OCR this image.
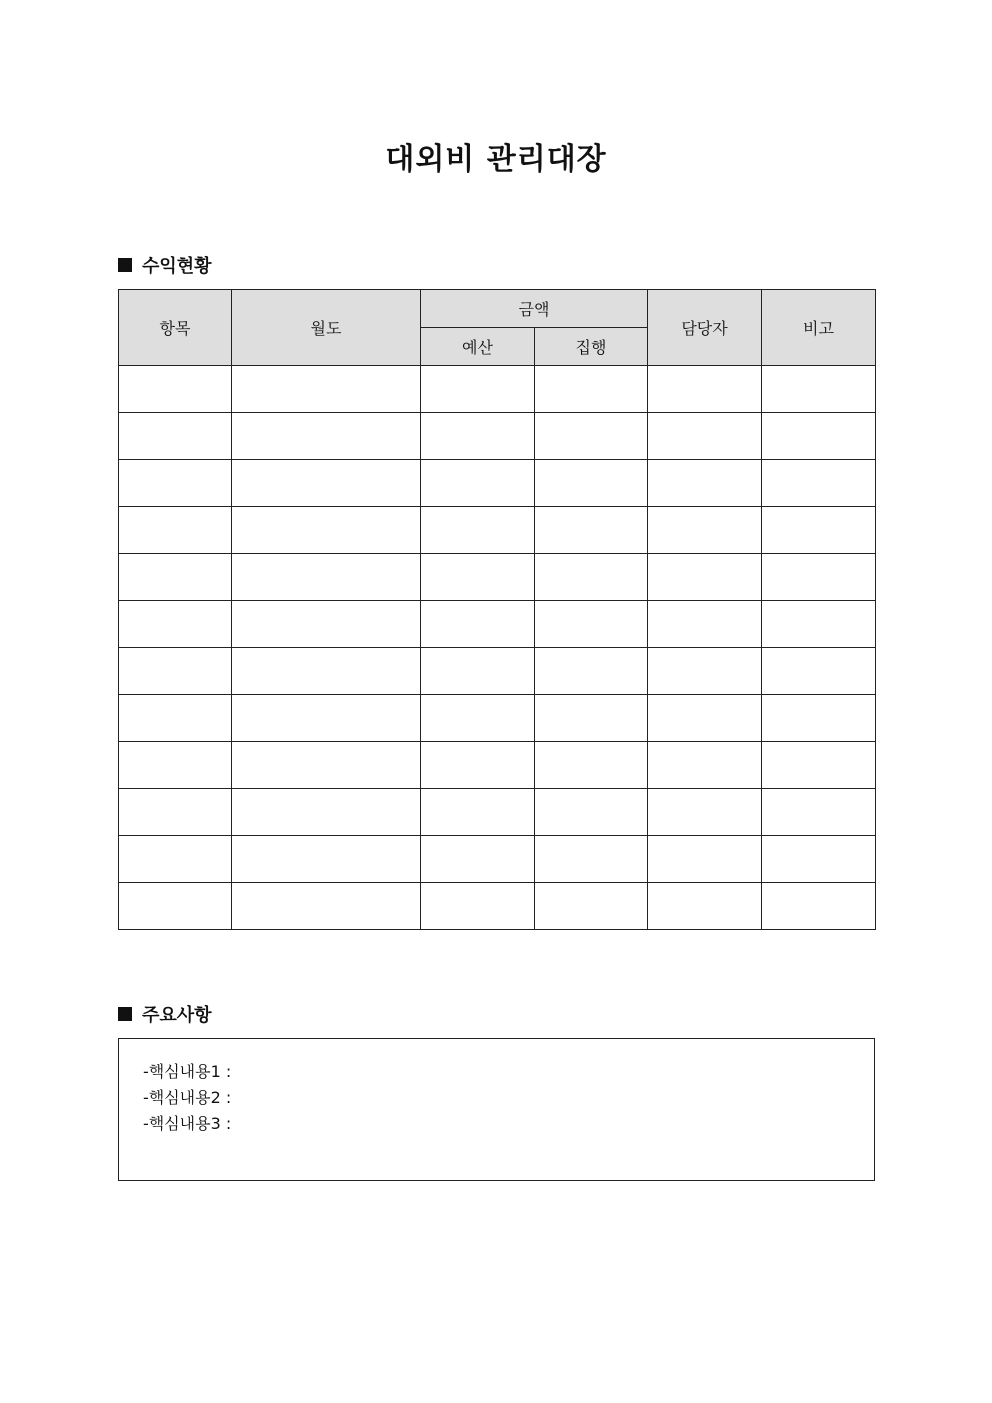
대외비 관리대장
수익현황
항목	월도	금액		담당자	비고
		예산	집행		

주요사항
-핵심내용1 :
-핵심내용2 :
-핵심내용3 :
